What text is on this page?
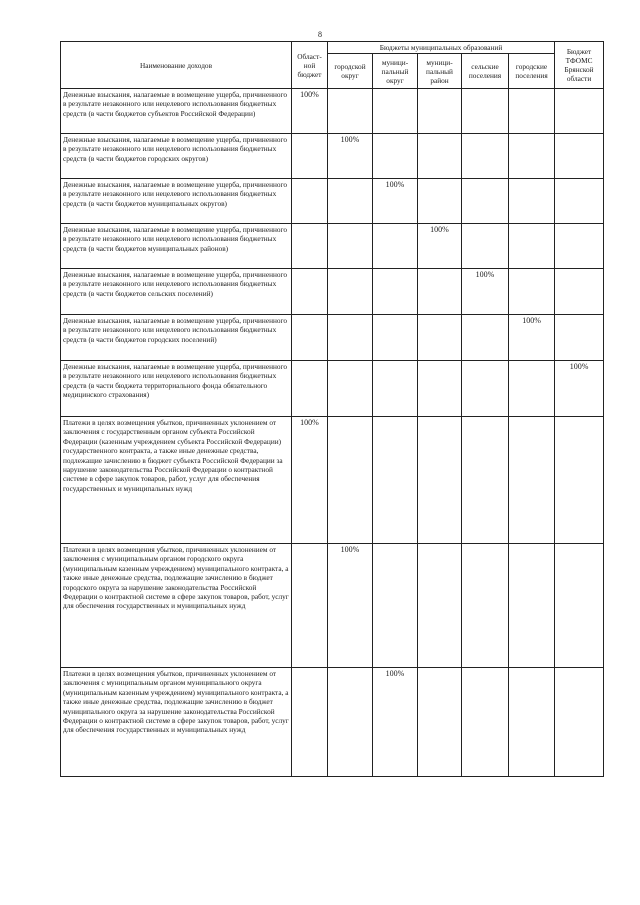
8
Наименование доходов	Област-ной бюджет	Бюджеты муниципальных образований					Бюджет ТФОМС Брянской области
		городской округ	муници-пальный округ	муници-пальный район	сельские поселения	городские поселения	
Денежные взыскания, налагаемые в возмещение ущерба, причиненного в результате незаконного или нецелевого использования бюджетных средств (в части бюджетов субъектов Российской Федерации)	100%						
Денежные взыскания, налагаемые в возмещение ущерба, причиненного в результате незаконного или нецелевого использования бюджетных средств (в части бюджетов городских округов)		100%					
Денежные взыскания, налагаемые в возмещение ущерба, причиненного в результате незаконного или нецелевого использования бюджетных средств (в части бюджетов муниципальных округов)			100%				
Денежные взыскания, налагаемые в возмещение ущерба, причиненного в результате незаконного или нецелевого использования бюджетных средств (в части бюджетов муниципальных районов)				100%			
Денежные взыскания, налагаемые в возмещение ущерба, причиненного в результате незаконного или нецелевого использования бюджетных средств (в части бюджетов сельских поселений)					100%		
Денежные взыскания, налагаемые в возмещение ущерба, причиненного в результате незаконного или нецелевого использования бюджетных средств (в части бюджетов городских поселений)						100%	
Денежные взыскания, налагаемые в возмещение ущерба, причиненного в результате незаконного или нецелевого использования бюджетных средств (в части бюджета территориального фонда обязательного медицинского страхования)							100%
Платежи в целях возмещения убытков, причиненных уклонением от заключения с государственным органом субъекта Российской Федерации (казенным учреждением субъекта Российской Федерации) государственного контракта, а также иные денежные средства, подлежащие зачислению в бюджет субъекта Российской Федерации за нарушение законодательства Российской Федерации о контрактной системе в сфере закупок товаров, работ, услуг для обеспечения государственных и муниципальных нужд	100%						
Платежи в целях возмещения убытков, причиненных уклонением от заключения с муниципальным органом городского округа (муниципальным казенным учреждением) муниципального контракта, а также иные денежные средства, подлежащие зачислению в бюджет городского округа за нарушение законодательства Российской Федерации о контрактной системе в сфере закупок товаров, работ, услуг для обеспечения государственных и муниципальных нужд		100%					
Платежи в целях возмещения убытков, причиненных уклонением от заключения с муниципальным органом муниципального округа (муниципальным казенным учреждением) муниципального контракта, а также иные денежные средства, подлежащие зачислению в бюджет муниципального округа за нарушение законодательства Российской Федерации о контрактной системе в сфере закупок товаров, работ, услуг для обеспечения государственных и муниципальных нужд			100%				
